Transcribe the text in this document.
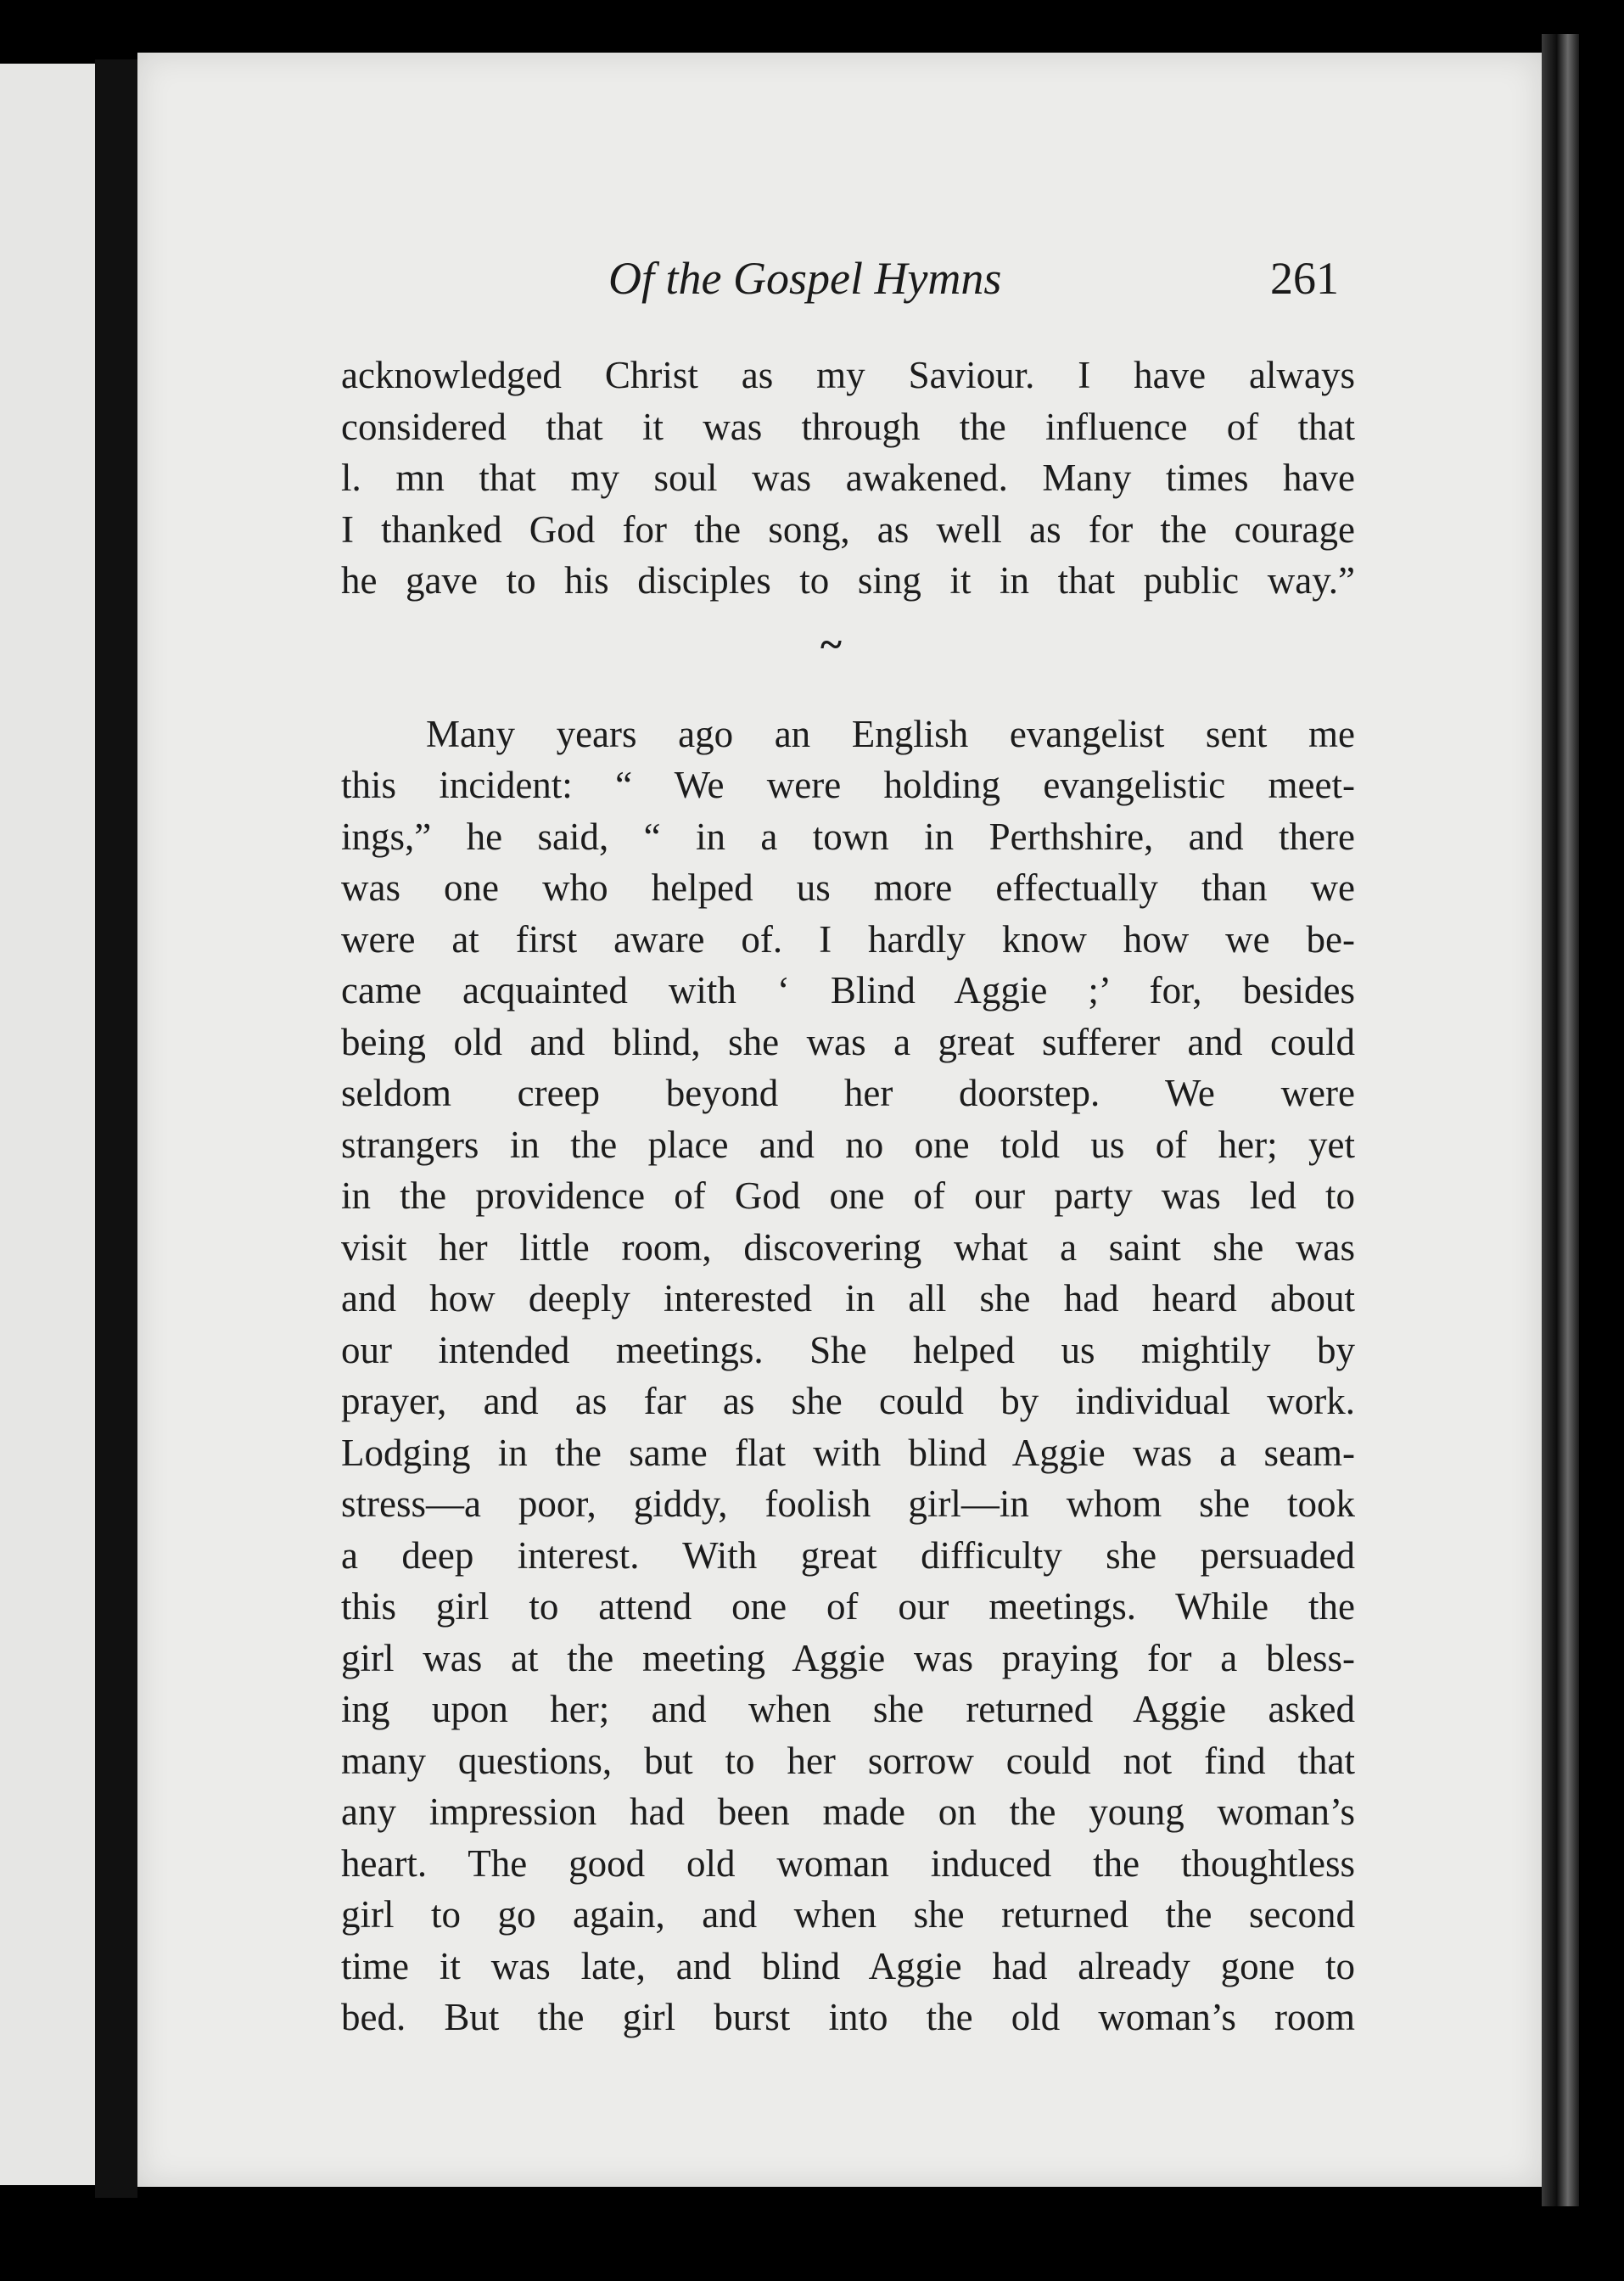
Of the Gospel Hymns	261
acknowledged Christ as my Saviour. I have always
considered that it was through the influence of that
l. mn that my soul was awakened. Many times have
I thanked God for the song, as well as for the courage
he gave to his disciples to sing it in that public way.”
~
Many years ago an English evangelist sent me
this incident: “ We were holding evangelistic meet-
ings,” he said, “ in a town in Perthshire, and there
was one who helped us more effectually than we
were at first aware of. I hardly know how we be-
came acquainted with ‘ Blind Aggie ;’ for, besides
being old and blind, she was a great sufferer and could
seldom creep beyond her doorstep. We were
strangers in the place and no one told us of her; yet
in the providence of God one of our party was led to
visit her little room, discovering what a saint she was
and how deeply interested in all she had heard about
our intended meetings. She helped us mightily by
prayer, and as far as she could by individual work.
Lodging in the same flat with blind Aggie was a seam-
stress—a poor, giddy, foolish girl—in whom she took
a deep interest. With great difficulty she persuaded
this girl to attend one of our meetings. While the
girl was at the meeting Aggie was praying for a bless-
ing upon her; and when she returned Aggie asked
many questions, but to her sorrow could not find that
any impression had been made on the young woman’s
heart. The good old woman induced the thoughtless
girl to go again, and when she returned the second
time it was late, and blind Aggie had already gone to
bed. But the girl burst into the old woman’s room
